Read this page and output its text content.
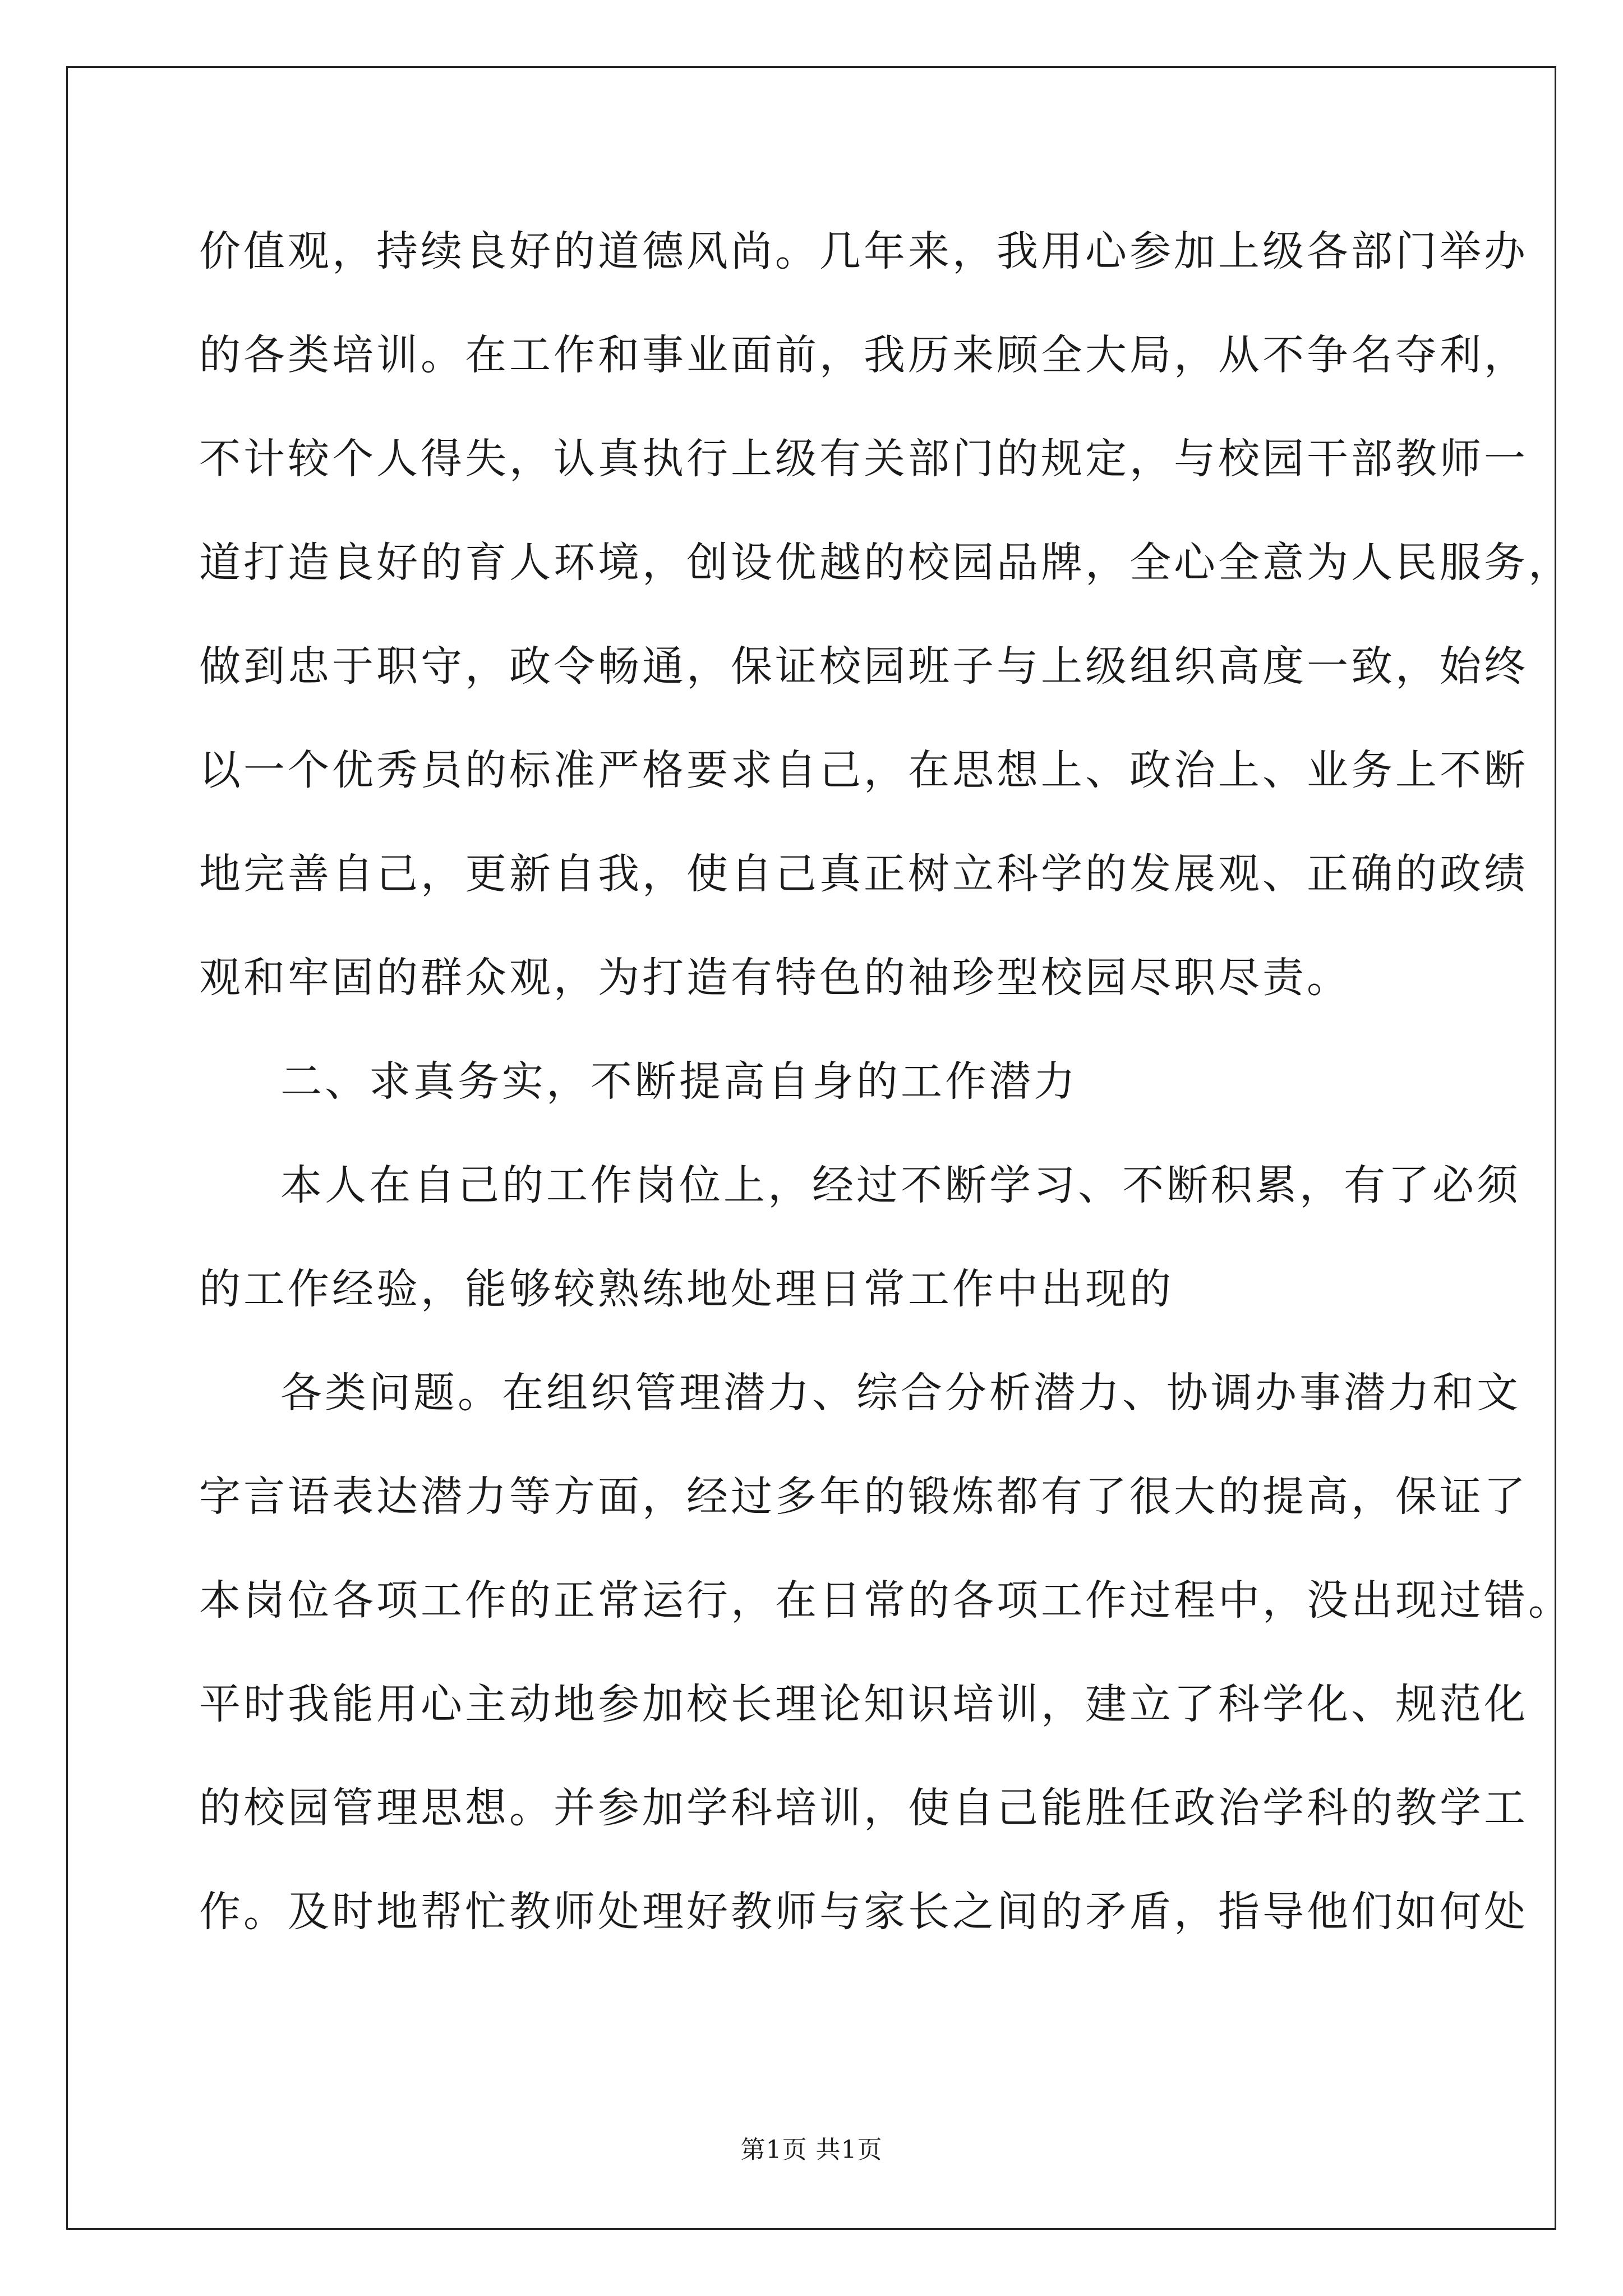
价值观，持续良好的道德风尚。几年来，我用心参加上级各部门举办
的各类培训。在工作和事业面前，我历来顾全大局，从不争名夺利，
不计较个人得失，认真执行上级有关部门的规定，与校园干部教师一
道打造良好的育人环境，创设优越的校园品牌，全心全意为人民服务，
做到忠于职守，政令畅通，保证校园班子与上级组织高度一致，始终
以一个优秀员的标准严格要求自己，在思想上、政治上、业务上不断
地完善自己，更新自我，使自己真正树立科学的发展观、正确的政绩
观和牢固的群众观，为打造有特色的袖珍型校园尽职尽责。
二、求真务实，不断提高自身的工作潜力
本人在自己的工作岗位上，经过不断学习、不断积累，有了必须
的工作经验，能够较熟练地处理日常工作中出现的
各类问题。在组织管理潜力、综合分析潜力、协调办事潜力和文
字言语表达潜力等方面，经过多年的锻炼都有了很大的提高，保证了
本岗位各项工作的正常运行，在日常的各项工作过程中，没出现过错。
平时我能用心主动地参加校长理论知识培训，建立了科学化、规范化
的校园管理思想。并参加学科培训，使自己能胜任政治学科的教学工
作。及时地帮忙教师处理好教师与家长之间的矛盾，指导他们如何处
第1页 共1页
